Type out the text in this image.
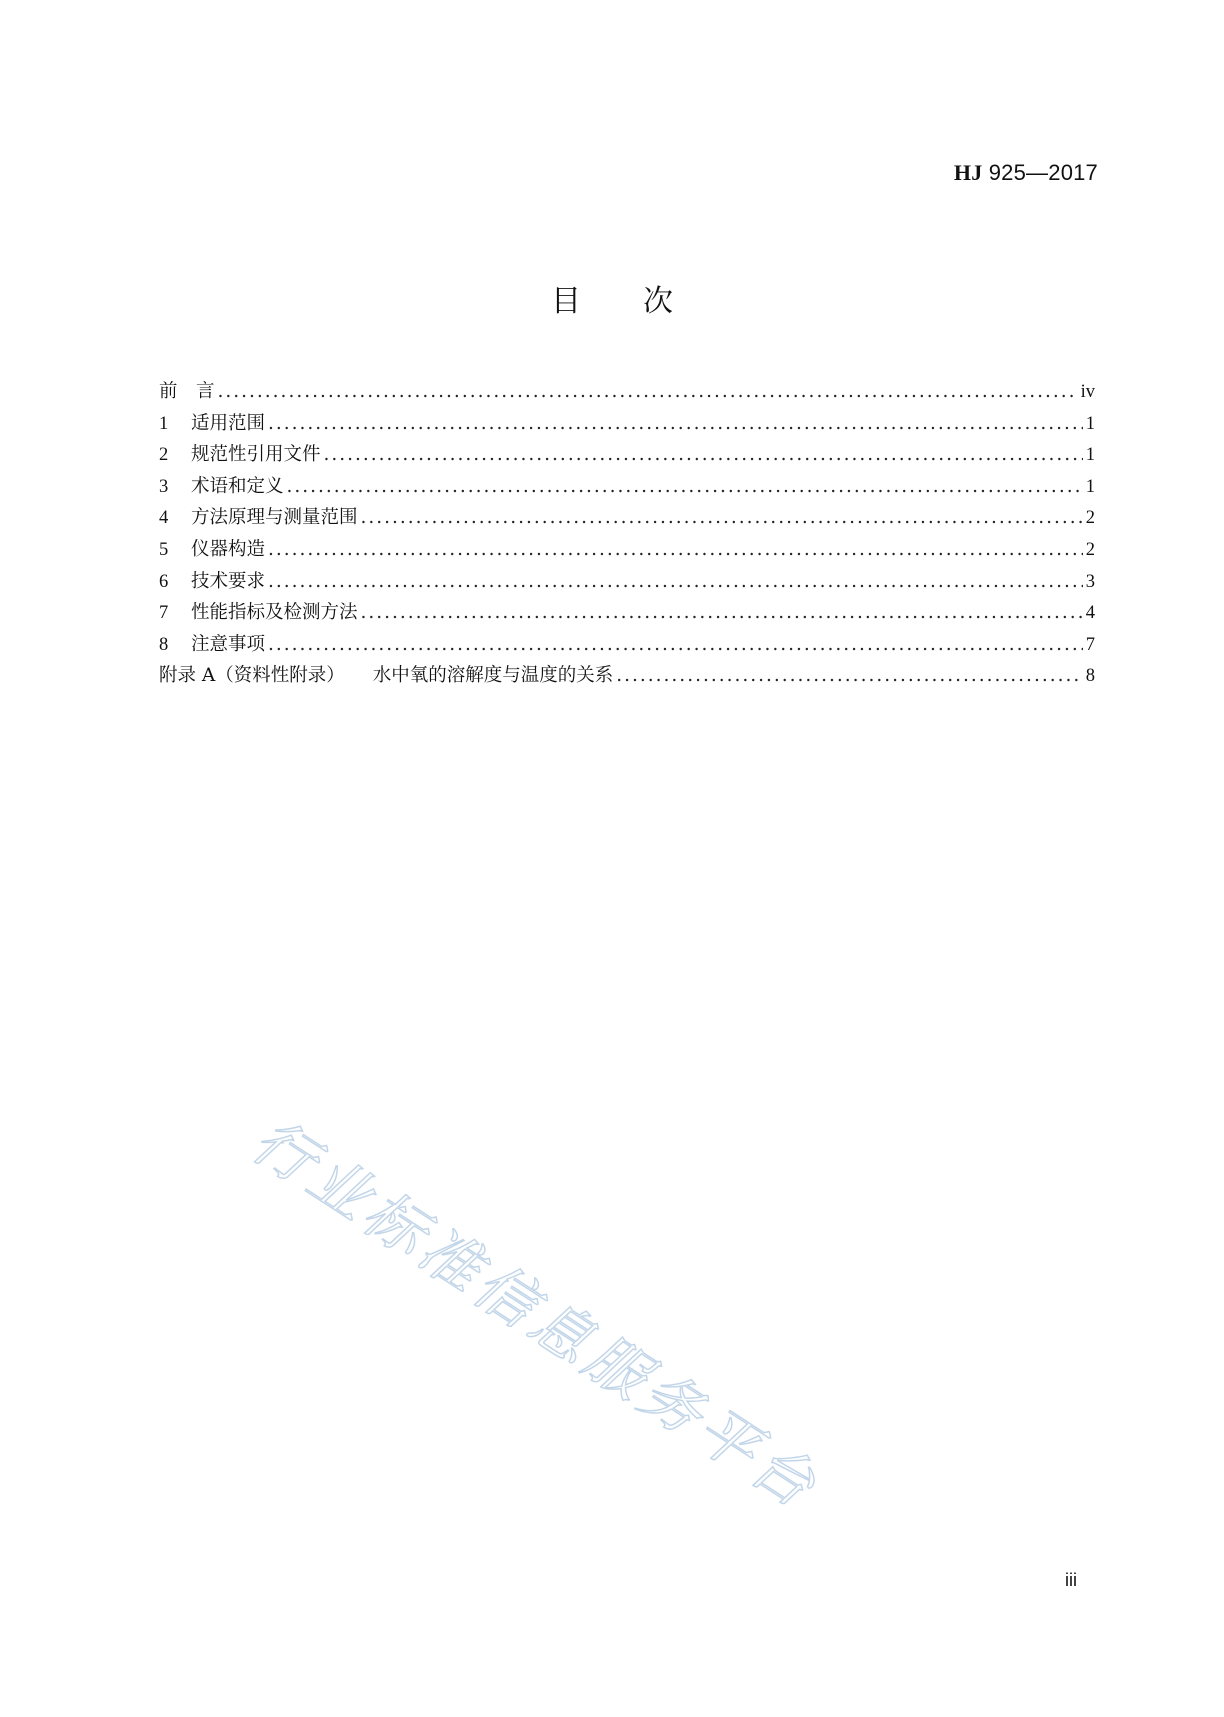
HJ 925—2017
目 次
前　言 .....	iv
1 适用范围 .....	1
2 规范性引用文件 .....	1
3 术语和定义 .....	1
4 方法原理与测量范围 .....	2
5 仪器构造 .....	2
6 技术要求 .....	3
7 性能指标及检测方法 .....	4
8 注意事项 .....	7
附录 A（资料性附录） 水中氧的溶解度与温度的关系 .....	8
行业标准信息服务平台
iii
